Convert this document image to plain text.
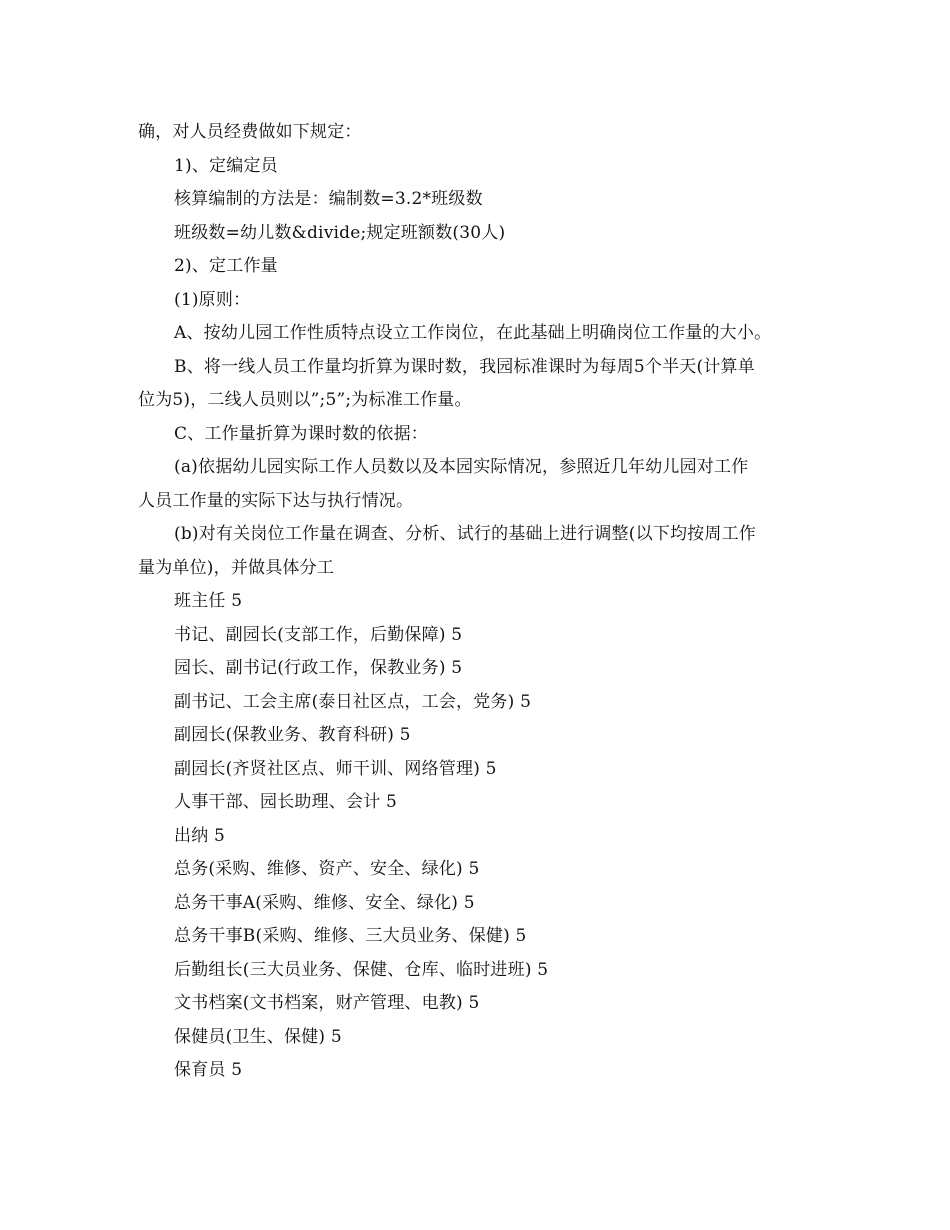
确，对人员经费做如下规定：
1)、定编定员
核算编制的方法是：编制数=3.2*班级数
班级数=幼儿数&divide;规定班额数(30人)
2)、定工作量
(1)原则：
A、按幼儿园工作性质特点设立工作岗位，在此基础上明确岗位工作量的大小。
B、将一线人员工作量均折算为课时数，我园标准课时为每周5个半天(计算单
位为5)，二线人员则以”;5”;为标准工作量。
C、工作量折算为课时数的依据：
(a)依据幼儿园实际工作人员数以及本园实际情况，参照近几年幼儿园对工作
人员工作量的实际下达与执行情况。
(b)对有关岗位工作量在调查、分析、试行的基础上进行调整(以下均按周工作
量为单位)，并做具体分工
班主任 5
书记、副园长(支部工作，后勤保障) 5
园长、副书记(行政工作，保教业务) 5
副书记、工会主席(泰日社区点，工会，党务) 5
副园长(保教业务、教育科研) 5
副园长(齐贤社区点、师干训、网络管理) 5
人事干部、园长助理、会计 5
出纳 5
总务(采购、维修、资产、安全、绿化) 5
总务干事A(采购、维修、安全、绿化) 5
总务干事B(采购、维修、三大员业务、保健) 5
后勤组长(三大员业务、保健、仓库、临时进班) 5
文书档案(文书档案，财产管理、电教) 5
保健员(卫生、保健) 5
保育员 5
